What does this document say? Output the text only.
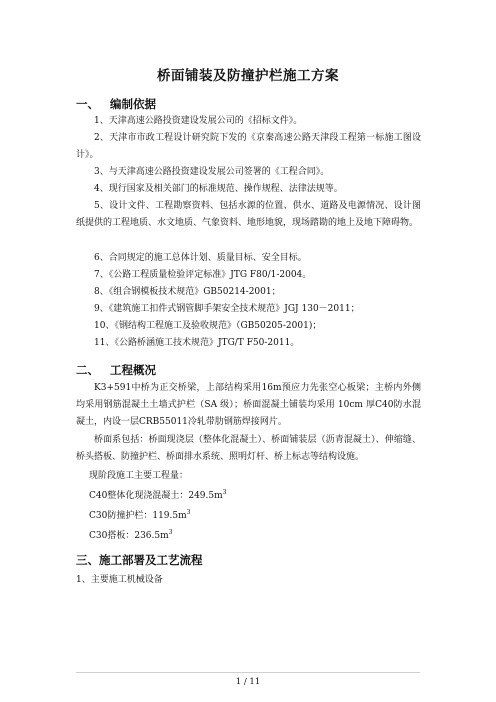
桥面铺装及防撞护栏施工方案
一、 编制依据
1、天津高速公路投资建设发展公司的《招标文件》。
2、天津市市政工程设计研究院下发的《京秦高速公路天津段工程第一标施工图设计》。
3、与天津高速公路投资建设发展公司签署的《工程合同》。
4、现行国家及相关部门的标准规范、操作规程、法律法规等。
5、设计文件、工程勘察资料、包括水源的位置、供水、道路及电源情况、设计图纸提供的工程地质、水文地质、气象资料、地形地貌，现场踏勘的地上及地下障碍物。
6、合同规定的施工总体计划、质量目标、安全目标。
7、《公路工程质量检验评定标准》JTG F80/1-2004。
8、《组合钢模板技术规范》GB50214-2001；
9、《建筑施工扣件式钢管脚手架安全技术规范》JGJ 130－2011；
10、《钢结构工程施工及验收规范》（GB50205-2001)；
11、《公路桥涵施工技术规范》JTG/T F50-2011。
二、 工程概况
K3+591中桥为正交桥梁，上部结构采用16m预应力先张空心板梁；主桥内外侧均采用钢筋混凝土土墙式护栏（SA 级）；桥面混凝土铺装均采用 10cm 厚C40防水混凝土，内设一层CRB55011冷轧带肋钢筋焊接网片。
桥面系包括：桥面现浇层（整体化混凝土）、桥面铺装层（沥青混凝土）、伸缩缝、桥头搭板、防撞护栏、桥面排水系统、照明灯杆、桥上标志等结构设施。
现阶段施工主要工程量：
C40整体化现浇混凝土：$249.5m^3$
C30防撞护栏：$119.5m^3$
C30搭板：$236.5m^3$
三、施工部署及工艺流程
1、主要施工机械设备
1 / 11
